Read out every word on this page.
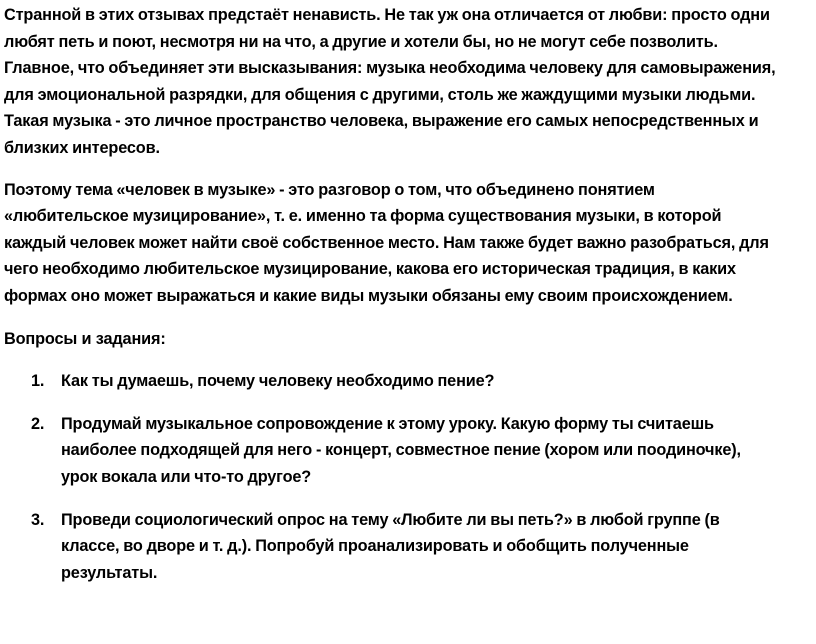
Странной в этих отзывах предстаёт ненависть. Не так уж она отличается от любви: просто одни
любят петь и поют, несмотря ни на что, а другие и хотели бы, но не могут себе позволить.
Главное, что объединяет эти высказывания: музыка необходима человеку для самовыражения,
для эмоциональной разрядки, для общения с другими, столь же жаждущими музыки людьми.
Такая музыка - это личное пространство человека, выражение его самых непосредственных и
близких интересов.

Поэтому тема «человек в музыке» - это разговор о том, что объединено понятием
«любительское музицирование», т. е. именно та форма существования музыки, в которой
каждый человек может найти своё собственное место. Нам также будет важно разобраться, для
чего необходимо любительское музицирование, какова его историческая традиция, в каких
формах оно может выражаться и какие виды музыки обязаны ему своим происхождением.

Вопросы и задания:
1. Как ты думаешь, почему человеку необходимо пение?
2. Продумай музыкальное сопровождение к этому уроку. Какую форму ты считаешь
наиболее подходящей для него - концерт, совместное пение (хором или поодиночке),
урок вокала или что-то другое?
3. Проведи социологический опрос на тему «Любите ли вы петь?» в любой группе (в
классе, во дворе и т. д.). Попробуй проанализировать и обобщить полученные
результаты.
